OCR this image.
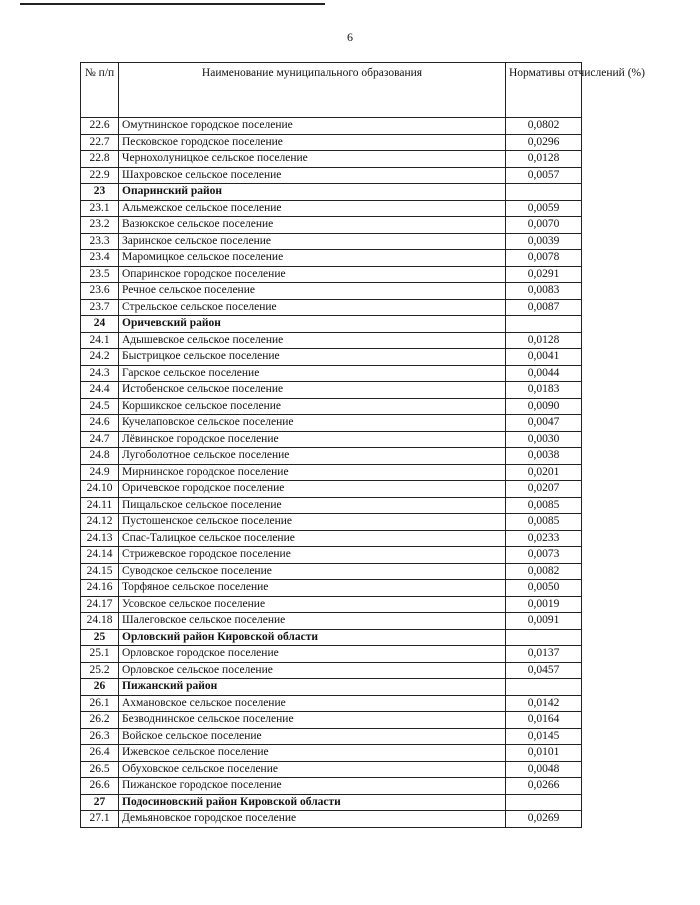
6
№ п/п	Наименование муниципального образования	Нормативы отчислений (%)
22.6	Омутнинское городское поселение	0,0802
22.7	Песковское городское поселение	0,0296
22.8	Чернохолуницкое сельское поселение	0,0128
22.9	Шахровское сельское поселение	0,0057
23	Опаринский район	
23.1	Альмежское сельское поселение	0,0059
23.2	Вазюкское сельское поселение	0,0070
23.3	Заринское сельское поселение	0,0039
23.4	Маромицкое сельское поселение	0,0078
23.5	Опаринское городское поселение	0,0291
23.6	Речное сельское поселение	0,0083
23.7	Стрельское сельское поселение	0,0087
24	Оричевский район	
24.1	Адышевское сельское поселение	0,0128
24.2	Быстрицкое сельское поселение	0,0041
24.3	Гарское сельское поселение	0,0044
24.4	Истобенское сельское поселение	0,0183
24.5	Коршикское сельское поселение	0,0090
24.6	Кучелаповское сельское поселение	0,0047
24.7	Лёвинское городское поселение	0,0030
24.8	Лугоболотное сельское поселение	0,0038
24.9	Мирнинское городское поселение	0,0201
24.10	Оричевское городское поселение	0,0207
24.11	Пищальское сельское поселение	0,0085
24.12	Пустошенское сельское поселение	0,0085
24.13	Спас-Талицкое сельское поселение	0,0233
24.14	Стрижевское городское поселение	0,0073
24.15	Суводское сельское поселение	0,0082
24.16	Торфяное сельское поселение	0,0050
24.17	Усовское сельское поселение	0,0019
24.18	Шалеговское сельское поселение	0,0091
25	Орловский район Кировской области	
25.1	Орловское городское поселение	0,0137
25.2	Орловское сельское поселение	0,0457
26	Пижанский район	
26.1	Ахмановское сельское поселение	0,0142
26.2	Безводнинское сельское поселение	0,0164
26.3	Войское сельское поселение	0,0145
26.4	Ижевское сельское поселение	0,0101
26.5	Обуховское сельское поселение	0,0048
26.6	Пижанское городское поселение	0,0266
27	Подосиновский район Кировской области	
27.1	Демьяновское городское поселение	0,0269
